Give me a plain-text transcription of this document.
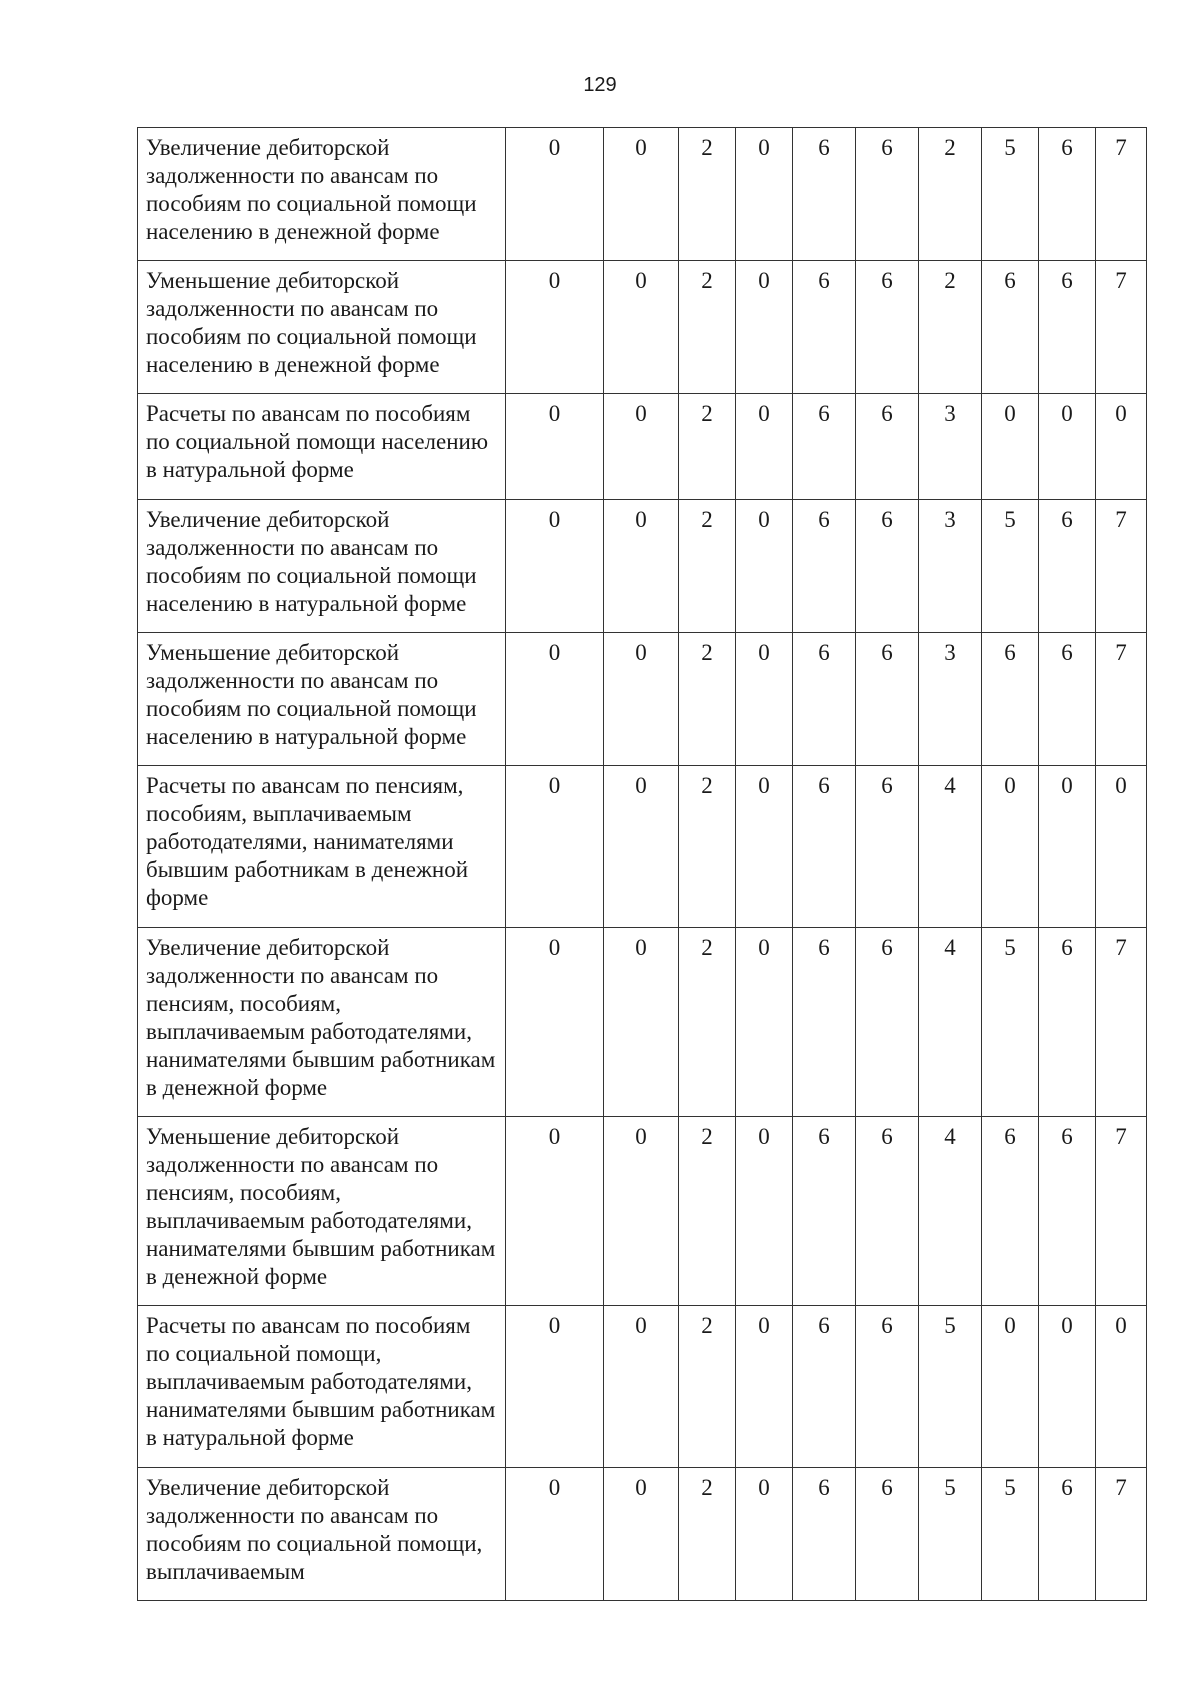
129
Увеличение дебиторской задолженности по авансам по пособиям по социальной помощи населению в денежной форме	0	0	2	0	6	6	2	5	6	7
Уменьшение дебиторской задолженности по авансам по пособиям по социальной помощи населению в денежной форме	0	0	2	0	6	6	2	6	6	7
Расчеты по авансам по пособиям по социальной помощи населению в натуральной форме	0	0	2	0	6	6	3	0	0	0
Увеличение дебиторской задолженности по авансам по пособиям по социальной помощи населению в натуральной форме	0	0	2	0	6	6	3	5	6	7
Уменьшение дебиторской задолженности по авансам по пособиям по социальной помощи населению в натуральной форме	0	0	2	0	6	6	3	6	6	7
Расчеты по авансам по пенсиям, пособиям, выплачиваемым работодателями, нанимателями бывшим работникам в денежной форме	0	0	2	0	6	6	4	0	0	0
Увеличение дебиторской задолженности по авансам по пенсиям, пособиям, выплачиваемым работодателями, нанимателями бывшим работникам в денежной форме	0	0	2	0	6	6	4	5	6	7
Уменьшение дебиторской задолженности по авансам по пенсиям, пособиям, выплачиваемым работодателями, нанимателями бывшим работникам в денежной форме	0	0	2	0	6	6	4	6	6	7
Расчеты по авансам по пособиям по социальной помощи, выплачиваемым работодателями, нанимателями бывшим работникам в натуральной форме	0	0	2	0	6	6	5	0	0	0
Увеличение дебиторской задолженности по авансам по пособиям по социальной помощи, выплачиваемым	0	0	2	0	6	6	5	5	6	7
